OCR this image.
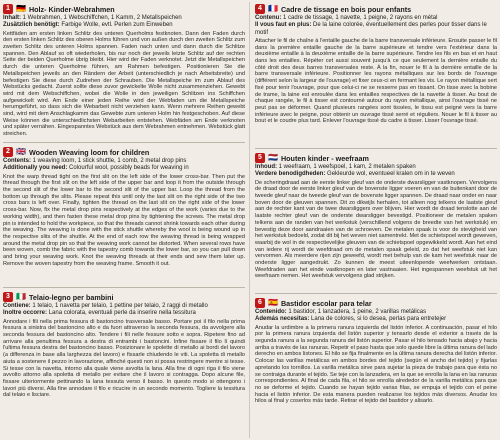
1 🇩🇪 Holz- Kinder-Webrahmen
Inhalt: 1 Webrahmen, 1 Webschiffchen, 1 Kamm, 2 Metallspeichen
Zusätzlich benötigt: Farbige Wolle, evtl. Perlen zum Einweben
Kettfäden am ersten linken Schlitz des unteren Querholms festknoten. Dann den Faden durch den ersten linken Schlitz des oberen Holms führen und von außen durch den zweiten Schlitz zum zweiten Schlitz des unteren Holms spannen. Faden nach unten und dann durch die Schlitze spannen. Den Ablauf so oft wiederholen, bis nur noch der jeweils letzte Schlitz auf der rechten Seite der beiden Querholme übrig bleibt. Hier wird der Faden verknotet. Jetzt die Metallspeichen durch die unteren Querholme führen, am Rahmen befestigen. Positionieren Sie die Metallspeichen jeweils an den Rändern der Arbeit (unterschiedlich je nach Arbeitsbreite) und befestigen Sie diese durch Zudrehen der Schrauben. Die Metallspeiche im zum Ablauf des Webstücks gedacht. Zuerst sollte diese zuvor gewickelte Wolle nicht zusammenziehen. Gewebt wird mit dem Webschiffchen, wobei die Wolle in den jeweiligen Schlitzen ins Schiffchen aufgewickelt wird. Am Ende einer jeden Reihe wird der Webfaden um die Metallspeiche herumgeführt, so dass sich die Webarbeit nicht verziehen kann. Wenn mehrere Reihen gewebt sind, wird mit dem Anschlagkamm das Gewebte zum unteren Holm hin festgeschoben. Auf diese Weise können die unterschiedlichsten Webarbeiten entstehen. Webfäden am Ende verknoten und später vernähen. Eingespanntes Webstück aus dem Webrahmen entnehmen. Webstück glatt streichen.
2 🇬🇧 Wooden Weaving loom for children
Contents: 1 weaving loom, 1 stick shuttle, 1 comb, 2 metal drop pins
Additionally you need: Colourful wool, possibly beads for weaving in
Knot the warp thread tight on the first slit on the left side of the lower cross-bar. Then put the thread through the first slit on the left side of the upper bar and loop it from the outside through the second slit of the lower bar to the second slit of the upper bar. Loop the thread from the bottom up through the slits. Please repeat this until only the last slit on the right side of the two cross bars is left over. Finally, tighten the thread on the last slit on the right side of the lower cross-bar. Now, fix the metal drop pins respectively at the edges of the work (varies due to the working width), and then fasten these metal drop pins by tightening the screws. The metal drop pin is intended to hold the workpiece, so that the threads cannot shrink towards each other during the weaving. The weaving is done with the stick shuttle whereby the wool is being wound up in the respective slits of the shuttle. At the end of each row the weaving thread is being wrapped around the metal drop pin so that the weaving work cannot be distorted. When several rows have been woven, comb the fabric with the tapestry comb towards the lower bar, so you can pull down and bring your weaving work. Knot the weaving threads at their ends and sew them later up. Remove the woven tapestry from the weaving frame. Smooth it out.
3 🇮🇹 Telaio-legno per bambini
Contiene: 1 telaio, 1 navetta per telaio, 1 pettine per telaio, 2 raggi di metallo
Inoltre occorre: Lana colorata, eventuali perle da inserire nella tessitura
Annodare i fili nella prima fessura di bastoncino trasversale basso. Portare poi il filo nella prima fessura a sinistra del bastoncino alto e da fuori attraverso la seconda fessura, da avvolgere alla seconda fessura del bastoncino alto. Tendere i fili nelle fessure sotto e sopra. Ripetere fino ad arrivare alla penultima fessura a destra di entrambi i bastoncini. Infine fissare il filo lì quindi l'ultima fessura destra del bastoncino basso. Posizionare le spolette di metallo ai bordi del lavoro (a differenza in base alla larghezza del lavoro) e fissarle chiudendo le viti. La spoletta di metallo aiuta a sostenere il pezzo in lavorazione, affinché questi non si possa restringere mentre si tesse. Si tesse con la navetta, intorno alla quale viene avvolta la lana. Alla fine di ogni riga il filo viene avvolto attorno alla spoletta di metallo per evitare che il lavoro si contragga. Dopo alcune file, fissare ulteriormente pettinando la lana tessuta verso il basso. In questo modo si ottengono i lavori più diversi. Alla fine annodare il filo e ricucire in un secondo momento. Togliere la tessitura dal telaio e lisciare.
4 🇫🇷 Cadre de tissage en bois pour enfants
Contenu: 1 cadre de tissage, 1 navette, 1 peigne, 2 rayons en métal
Il vous faut en plus: De la laine colorée, éventuellement des perles pour tisser dans le motif
Attacher le fil de chaîne à l'entaille gauche de la barre transversale inférieure. Ensuite passer le fil dans la première entaille gauche de la barre supérieure et tendre vers l'extérieur dans la deuxième entaille à la deuxième entaille de la barre supérieure. Tendre les fils en bas et en haut dans les entailles. Répéter cet aussi souvent jusqu'à ce que seulement la dernière entaille du côté droit des deux barres transversales reste. À la fin, nouer le fil à la dernière entaille de la barre transversale inférieure. Positionner les rayons métalliques sur les bords de l'ouvrage (différent selon la largeur de l'ouvrage) et fixer ceux-ci en fermant les vis. Le rayon métallique sert fixé pour tenir l'ouvrage, pour que celui-ci ne se resserre pas en tissant. On tisse avec la bobine de trame, la laine est enroulée dans les entailles respectives de la navette à tisser. Au bout de chaque rangée, le fil à tisser est contourné autour du rayon métallique, ainsi l'ouvrage tissé ne peut pas se déformer. Quand plusieurs rangées sont tissées, le tissu est peigné vers la barre inférieure avec le peigne, pour obtenir un ouvrage tissé serré et réguliers. Nouer le fil à tisser au bout et le coudre plus tard. Enlever l'ouvrage tissé du cadre à tisser. Lisser l'ouvrage tissé.
5 🇳🇱 Houten kinder - weefraam
Inhoud: 1 weefraam, 1 weefspoel, 1 kam, 2 metalen spaken
Verdere benodigdheden: Gekleurde wol, eventueel kralen om in te weven
De scheringdraad aan de eerste linker gleuf van de onderste dwarsligger vastknopen. Vervolgens de draad door de eerste linker gleuf van de bovenste ligger voeren en van de buitenkant door de tweede gleuf naar de tweede gleuf van de bovenste ligger spannen. De draad naar onder en naar boven door de gleuven spannen. Dit zo dikwijls herhalen, tot alleen nog telkens de laatste gleuf aan de rechter kant van de twee dwarsliggers over blijven. Hier wordt de draad tenslotte aan de laatste rechter gleuf van de onderste dwarsligger bevestigd. Positioneer de metalen spaken telkens aan de randen van het werkstuk (verschillend volgens de breedte van het werkstuk) en bevestig deze door aandraaien van de schroeven. De metalen spaak is voor de stevigheid van het werkstuk bedoeld, zodat dit bij het weven niet samentrekt. Met de schietspoel wordt geweven, waarbij de wol in de respectievelijke gleuven van de schietspoel opgewikkeld wordt. Aan het eind van iedere rij wordt de weefdraad om de metalen spaak geleid, zo dat het weefstuk niet kan vervormen. Als meerdere rijen zijn geweefd, wordt met behulp van de kam het weefstuk naar de onderste ligger aangedrukt. Zo kunnen de meest uiteenlopende weefwerken ontstaan. Weefdraden aan het einde vastknopen en later vastnaaien. Het ingespannen weefstuk uit het weefraam nemen. Het weefstuk vervolgens glad strijken.
6 🇪🇸 Bastidor escolar para telar
Contenido: 1 bastidor, 1 lanzadera, 1 peine, 2 varillas metálicas
Además necesitas: Lana de colores, si lo desea, perlas para entretejer
Anudar la urdimbre a la primera ranura izquierda del listón inferior. A continuación, pasar el hilo por la primera ranura izquierda del listón superior y tensarlo desde el exterior a través de la segunda ranura a la segunda ranura del listón superior. Pasar el hilo tensado hacia abajo y hacia arriba a través de las ranuras. Repetir el paso hasta que solo quede libre la última ranura del lado derecho en ambos listones. El hilo se fija finalmente en la última ranura derecha del listón inferior. Colocar las varillas metálicas en ambos bordes del tejido (según el ancho del tejido) y fijarlas apretando los tornillos. La varilla metálica sirve para sujetar la pieza de trabajo para que ésta no se contraiga durante el tejido. Se teje con la lanzadera, en la que se enrolla la lana en las ranuras correspondientes. Al final de cada fila, el hilo se enrolla alrededor de la varilla metálica para que no se deforme el tejido. Cuando se hayan tejido varias filas, se empuja el tejido con el peine hacia el listón inferior. De esta manera pueden realizarse los tejidos más diversos. Anudar los hilos al final y coserlos más tarde. Retirar el tejido del bastidor y alisarlo.
